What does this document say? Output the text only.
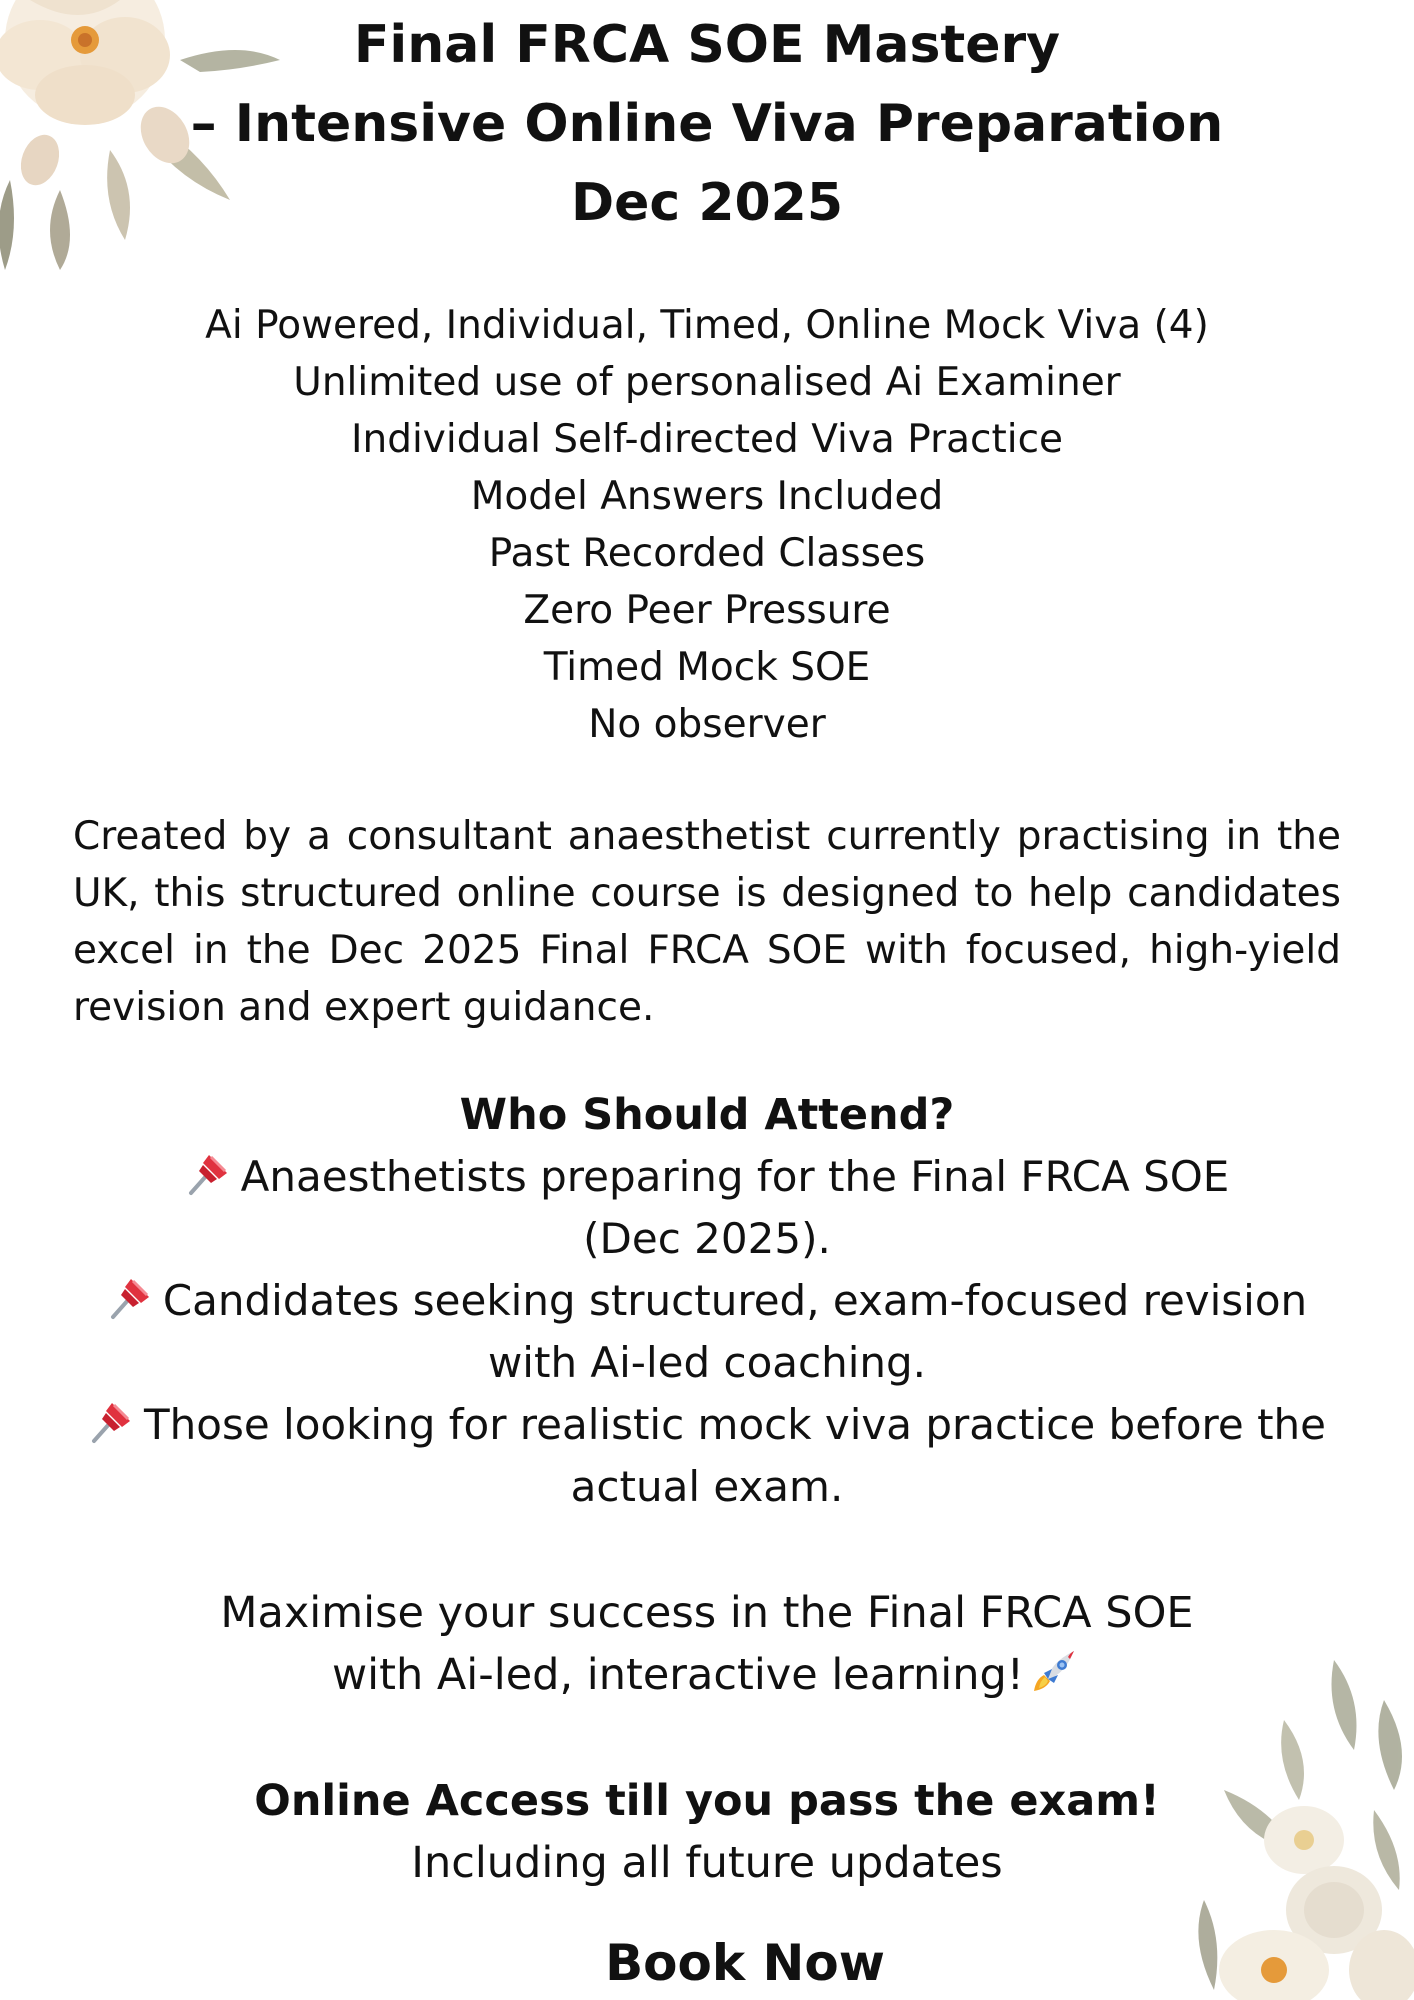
Final FRCA SOE Mastery
– Intensive Online Viva Preparation
Dec 2025
Ai Powered, Individual, Timed, Online Mock Viva (4)
Unlimited use of personalised Ai Examiner
Individual Self-directed Viva Practice
Model Answers Included
Past Recorded Classes
Zero Peer Pressure
Timed Mock SOE
No observer
Created by a consultant anaesthetist currently practising in the UK, this structured online course is designed to help candidates excel in the Dec 2025 Final FRCA SOE with focused, high-yield revision and expert guidance.
Who Should Attend?
Anaesthetists preparing for the Final FRCA SOE
(Dec 2025).
Candidates seeking structured, exam-focused revision
with Ai-led coaching.
Those looking for realistic mock viva practice before the
actual exam.
Maximise your success in the Final FRCA SOE
with Ai-led, interactive learning!
Online Access till you pass the exam!
Including all future updates
Book Now
